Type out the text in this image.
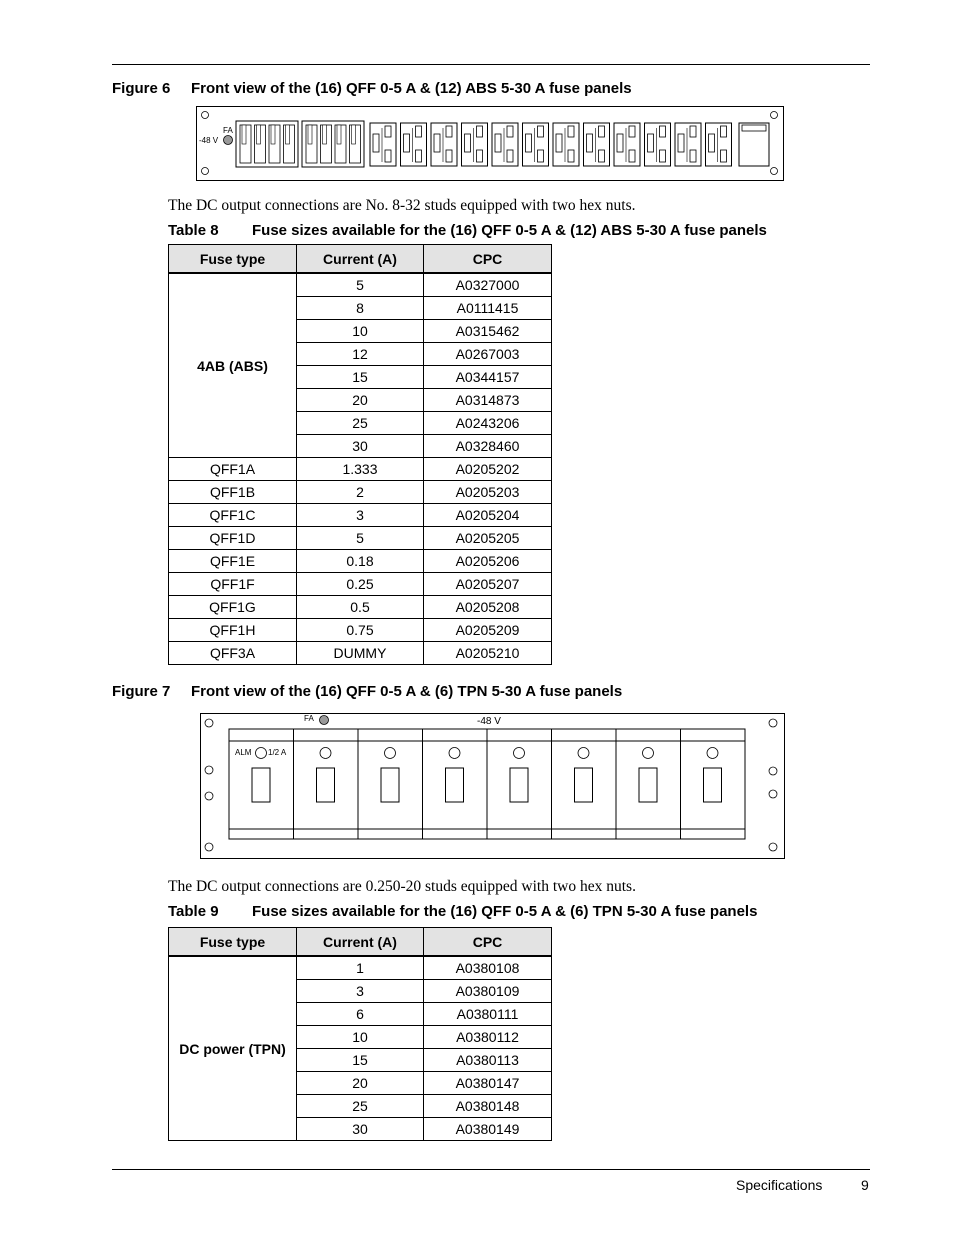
Figure 6 Front view of the (16) QFF 0-5 A & (12) ABS 5-30 A fuse panels
FA
-48 V
The DC output connections are No. 8-32 studs equipped with two hex nuts.
Table 8 Fuse sizes available for the (16) QFF 0-5 A & (12) ABS 5-30 A fuse panels
Fuse type	Current (A)	CPC
4AB (ABS)	5	A0327000
	8	A0111415
	10	A0315462
	12	A0267003
	15	A0344157
	20	A0314873
	25	A0243206
	30	A0328460
QFF1A	1.333	A0205202
QFF1B	2	A0205203
QFF1C	3	A0205204
QFF1D	5	A0205205
QFF1E	0.18	A0205206
QFF1F	0.25	A0205207
QFF1G	0.5	A0205208
QFF1H	0.75	A0205209
QFF3A	DUMMY	A0205210
Figure 7 Front view of the (16) QFF 0-5 A & (6) TPN 5-30 A fuse panels
FA	-48 V
ALM 1/2 A
The DC output connections are 0.250-20 studs equipped with two hex nuts.
Table 9 Fuse sizes available for the (16) QFF 0-5 A & (6) TPN 5-30 A fuse panels
Fuse type	Current (A)	CPC
DC power (TPN)	1	A0380108
	3	A0380109
	6	A0380111
	10	A0380112
	15	A0380113
	20	A0380147
	25	A0380148
	30	A0380149
Specifications	9
